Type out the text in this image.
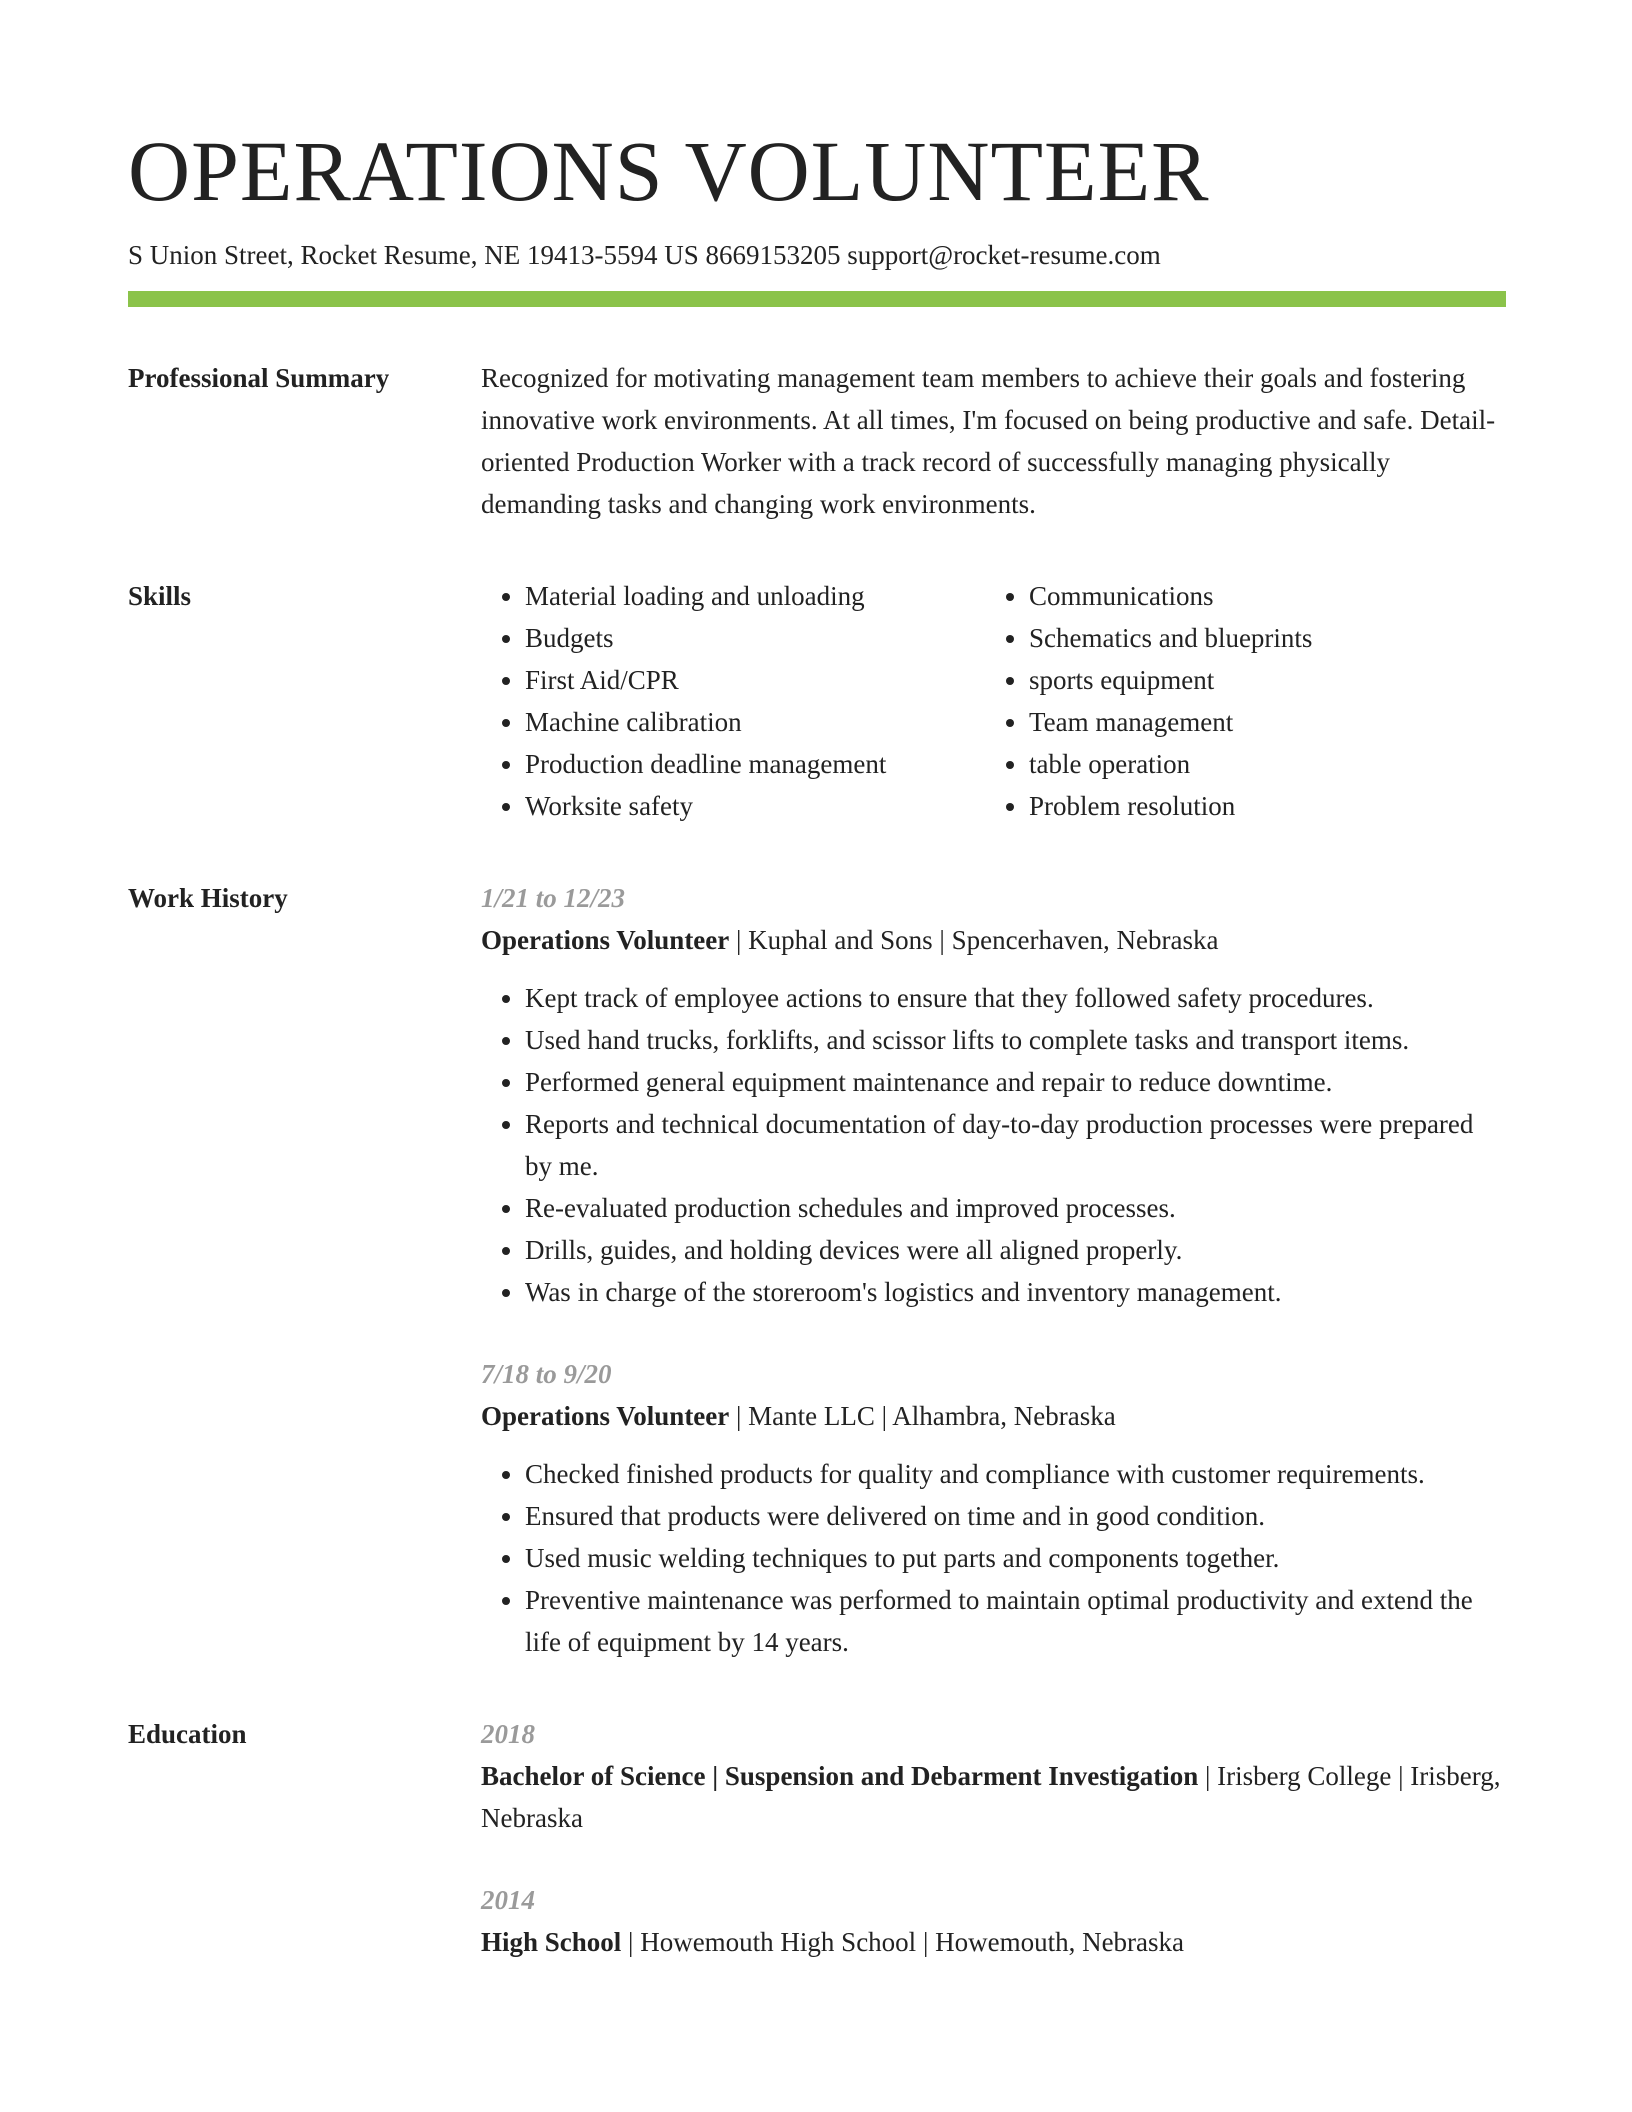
OPERATIONS VOLUNTEER
S Union Street, Rocket Resume, NE 19413-5594 US 8669153205 support@rocket-resume.com
Professional Summary	Recognized for motivating management team members to achieve their goals and fostering innovative work environments. At all times, I'm focused on being productive and safe. Detail-oriented Production Worker with a track record of successfully managing physically demanding tasks and changing work environments.
Skills
•	Material loading and unloading
• Budgets
• First Aid/CPR
• Machine calibration
• Production deadline management
• Worksite safety
• Communications
• Schematics and blueprints
• sports equipment
• Team management
• table operation
• Problem resolution
Work History	1/21 to 12/23
Operations Volunteer | Kuphal and Sons | Spencerhaven, Nebraska
• Kept track of employee actions to ensure that they followed safety procedures.
• Used hand trucks, forklifts, and scissor lifts to complete tasks and transport items.
• Performed general equipment maintenance and repair to reduce downtime.
• Reports and technical documentation of day-to-day production processes were prepared by me.
• Re-evaluated production schedules and improved processes.
• Drills, guides, and holding devices were all aligned properly.
• Was in charge of the storeroom's logistics and inventory management.
7/18 to 9/20
Operations Volunteer | Mante LLC | Alhambra, Nebraska
• Checked finished products for quality and compliance with customer requirements.
• Ensured that products were delivered on time and in good condition.
• Used music welding techniques to put parts and components together.
• Preventive maintenance was performed to maintain optimal productivity and extend the life of equipment by 14 years.
Education	2018
Bachelor of Science | Suspension and Debarment Investigation | Irisberg College | Irisberg, Nebraska
2014
High School | Howemouth High School | Howemouth, Nebraska
